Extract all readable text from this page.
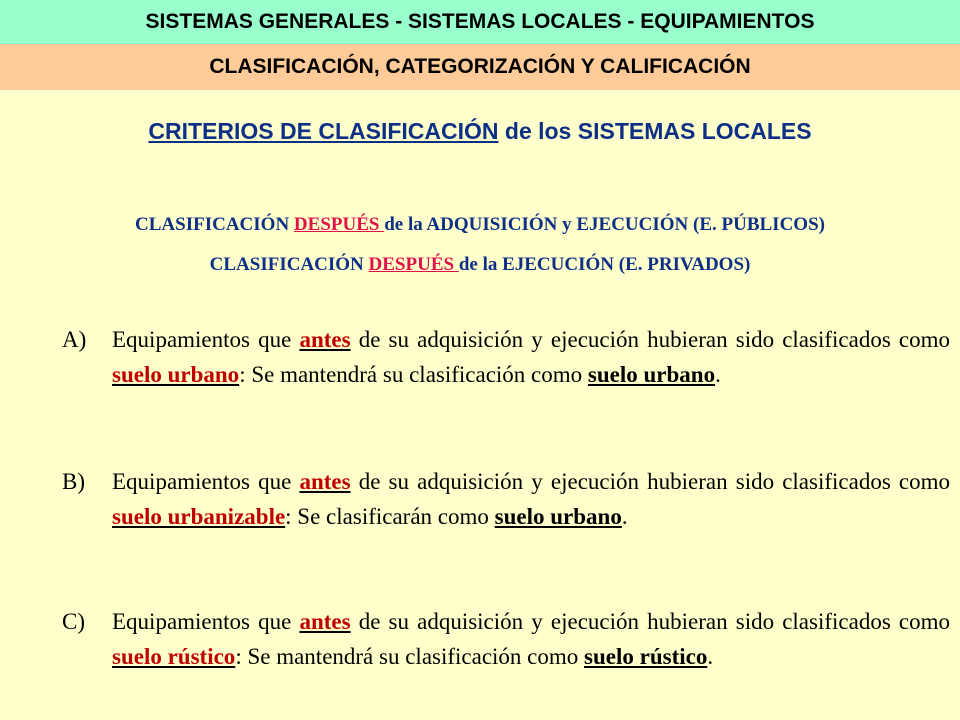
SISTEMAS GENERALES - SISTEMAS LOCALES - EQUIPAMIENTOS
CLASIFICACIÓN, CATEGORIZACIÓN Y CALIFICACIÓN
CRITERIOS DE CLASIFICACIÓN de los SISTEMAS LOCALES
CLASIFICACIÓN DESPUÉS de la ADQUISICIÓN y EJECUCIÓN (E. PÚBLICOS)
CLASIFICACIÓN DESPUÉS de la EJECUCIÓN (E. PRIVADOS)
A) Equipamientos que antes de su adquisición y ejecución hubieran sido clasificados como suelo urbano: Se mantendrá su clasificación como suelo urbano.
B) Equipamientos que antes de su adquisición y ejecución hubieran sido clasificados como suelo urbanizable: Se clasificarán como suelo urbano.
C) Equipamientos que antes de su adquisición y ejecución hubieran sido clasificados como suelo rústico: Se mantendrá su clasificación como suelo rústico.
